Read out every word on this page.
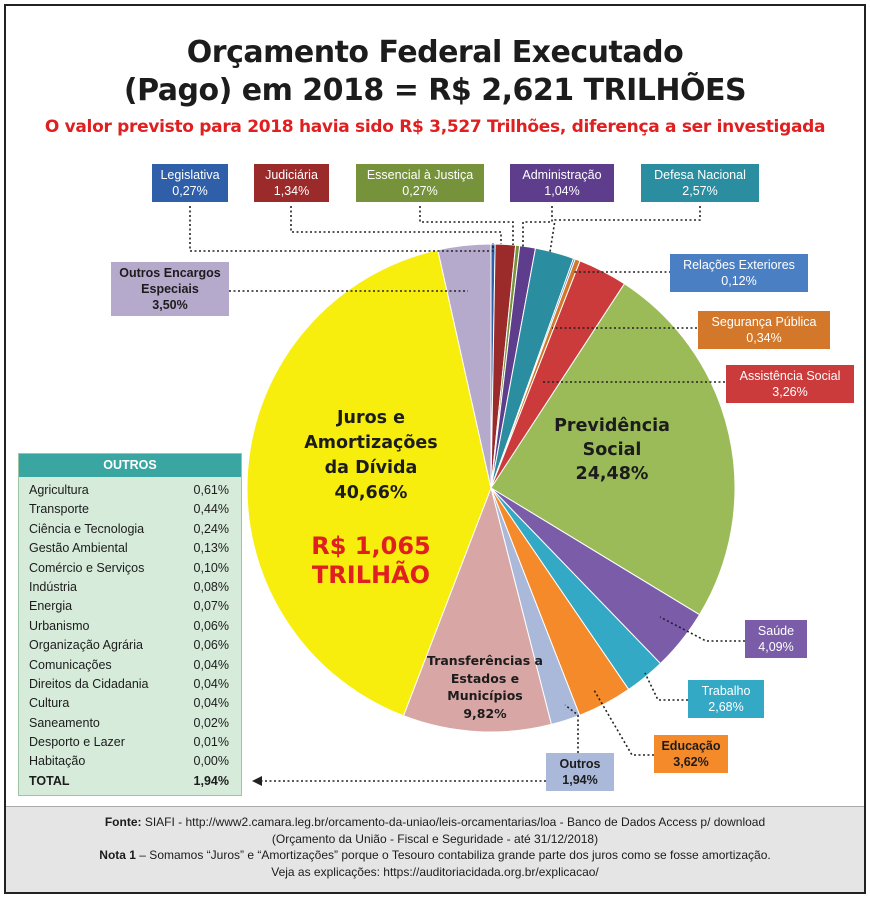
Orçamento Federal Executado
(Pago) em 2018 = R$ 2,621 TRILHÕES
O valor previsto para 2018 havia sido R$ 3,527 Trilhões, diferença a ser investigada
Legislativa
0,27%
Judiciária
1,34%
Essencial à Justiça
0,27%
Administração
1,04%
Defesa Nacional
2,57%
Relações Exteriores
0,12%
Segurança Pública
0,34%
Assistência Social
3,26%
Saúde
4,09%
Trabalho
2,68%
Educação
3,62%
Outros
1,94%
Outros Encargos
Especiais
3,50%
Previdência
Social
24,48%
Juros e
Amortizações
da Dívida
40,66%
R$ 1,065
TRILHÃO
Transferências a
Estados e
Municípios
9,82%
OUTROS
Agricultura	0,61%
Transporte	0,44%
Ciência e Tecnologia	0,24%
Gestão Ambiental	0,13%
Comércio e Serviços	0,10%
Indústria	0,08%
Energia	0,07%
Urbanismo	0,06%
Organização Agrária	0,06%
Comunicações	0,04%
Direitos da Cidadania	0,04%
Cultura	0,04%
Saneamento	0,02%
Desporto e Lazer	0,01%
Habitação	0,00%
TOTAL	1,94%
Fonte: SIAFI - http://www2.camara.leg.br/orcamento-da-uniao/leis-orcamentarias/loa - Banco de Dados Access p/ download
(Orçamento da União - Fiscal e Seguridade - até 31/12/2018)
Nota 1 – Somamos “Juros” e “Amortizações” porque o Tesouro contabiliza grande parte dos juros como se fosse amortização.
Veja as explicações: https://auditoriacidada.org.br/explicacao/
